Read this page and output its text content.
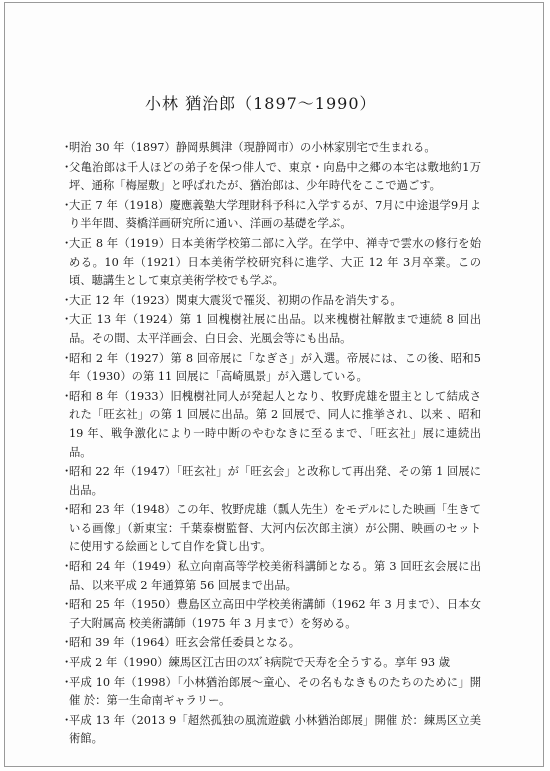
小林 猶治郎（1897〜1990）
・
明治 30 年（1897）静岡県興津（現静岡市）の小林家別宅で生まれる。
・
父亀治郎は千人ほどの弟子を保つ俳人で、東京・向島中之郷の本宅は敷地約1万坪、通称「梅屋敷」と呼ばれたが、猶治郎は、少年時代をここで過ごす。
・
大正 7 年（1918）慶應義塾大学理財科予科に入学するが、7月に中途退学9月より半年間、葵橋洋画研究所に通い、洋画の基礎を学ぶ。
・
大正 8 年（1919）日本美術学校第二部に入学。在学中、禅寺で雲水の修行を始める。10 年（1921）日本美術学校研究科に進学、大正 12 年 3月卒業。この頃、聴講生として東京美術学校でも学ぶ。
・
大正 12 年（1923）関東大震災で罹災、初期の作品を消失する。
・
大正 13 年（1924）第 1 回槐樹社展に出品。以来槐樹社解散まで連続 8 回出品。その間、太平洋画会、白日会、光風会等にも出品。
・
昭和 2 年（1927）第 8 回帝展に「なぎさ」が入選。帝展には、この後、昭和5 年（1930）の第 11 回展に「高崎風景」が入選している。
・
昭和 8 年（1933）旧槐樹社同人が発起人となり、牧野虎雄を盟主として結成された「旺玄社」の第 1 回展に出品。第 2 回展で、同人に推挙され、以来 、昭和 19 年、戦争激化により一時中断のやむなきに至るまで、「旺玄社」展に連続出品。
・
昭和 22 年（1947）「旺玄社」が「旺玄会」と改称して再出発、その第 1 回展に出品。
・
昭和 23 年（1948）この年、牧野虎雄（瓢人先生）をモデルにした映画「生きている画像」（新東宝：千葉泰樹監督、大河内伝次郎主演）が公開、映画のセットに使用する絵画として自作を貸し出す。
・
昭和 24 年（1949）私立向南高等学校美術科講師となる。第 3 回旺玄会展に出品、以来平成 2 年通算第 56 回展まで出品。
・
昭和 25 年（1950）豊島区立高田中学校美術講師（1962 年 3 月まで）、日本女子大附属高 校美術講師（1975 年 3 月まで）を努める。
・
昭和 39 年（1964）旺玄会常任委員となる。
・
平成 2 年（1990）練馬区江古田のｽｽﾞｷ病院で天寿を全うする。享年 93 歳
・
平成 10 年（1998）「小林猶治郎展〜童心、その名もなきものたちのために」開催 於：第一生命南ギャラリー。
・
平成 13 年（2013 9「超然孤独の風流遊戯 小林猶治郎展」開催 於：練馬区立美術館。
